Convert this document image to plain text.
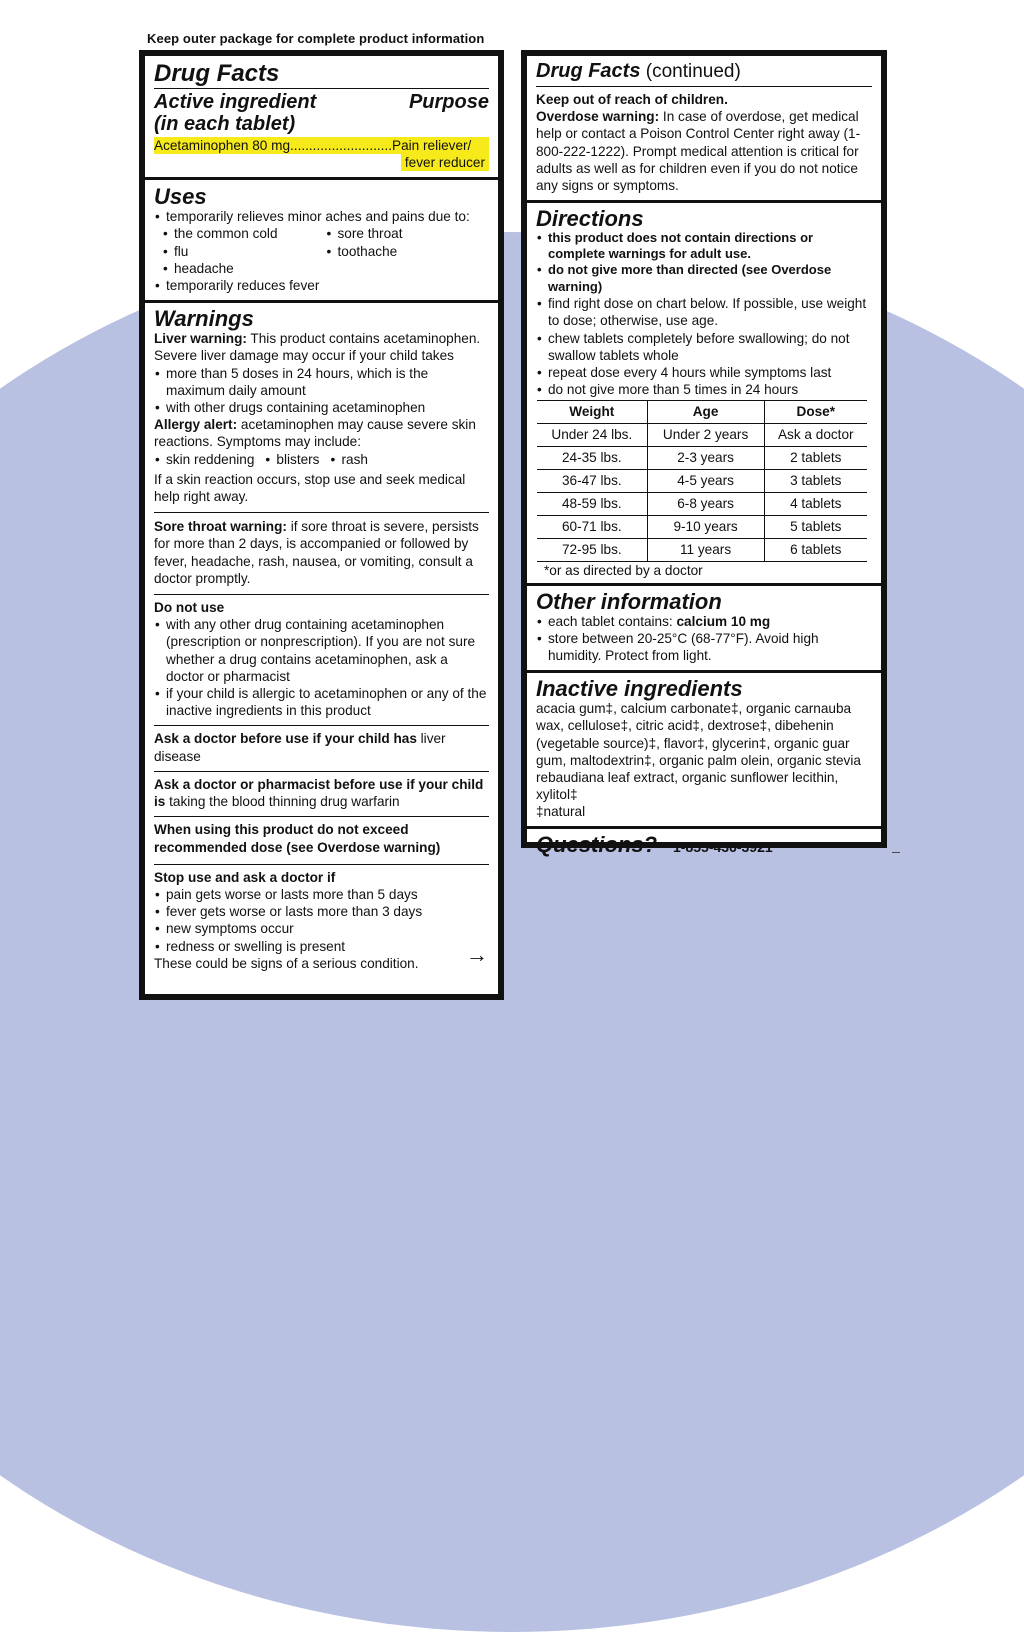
Keep outer package for complete product information
Drug Facts
Active ingredient
(in each tablet)
Purpose
Acetaminophen 80 mg...........................Pain reliever/
fever reducer
Uses
• temporarily relieves minor aches and pains due to:
• the common cold
• flu
• headache
• sore throat
• toothache
• temporarily reduces fever
Warnings
Liver warning: This product contains acetaminophen. Severe liver damage may occur if your child takes
• more than 5 doses in 24 hours, which is the maximum daily amount
• with other drugs containing acetaminophen
Allergy alert: acetaminophen may cause severe skin reactions. Symptoms may include:
• skin reddening	• blisters	• rash
If a skin reaction occurs, stop use and seek medical help right away.
Sore throat warning: if sore throat is severe, persists for more than 2 days, is accompanied or followed by fever, headache, rash, nausea, or vomiting, consult a doctor promptly.
Do not use
• with any other drug containing acetaminophen (prescription or nonprescription). If you are not sure whether a drug contains acetaminophen, ask a doctor or pharmacist
• if your child is allergic to acetaminophen or any of the inactive ingredients in this product
Ask a doctor before use if your child has liver disease
Ask a doctor or pharmacist before use if your child is taking the blood thinning drug warfarin
When using this product do not exceed recommended dose (see Overdose warning)
Stop use and ask a doctor if
• pain gets worse or lasts more than 5 days
• fever gets worse or lasts more than 3 days
• new symptoms occur
• redness or swelling is present
These could be signs of a serious condition.	→
Drug Facts (continued)
Keep out of reach of children.
Overdose warning: In case of overdose, get medical help or contact a Poison Control Center right away (1-800-222-1222). Prompt medical attention is critical for adults as well as for children even if you do not notice any signs or symptoms.
Directions
• this product does not contain directions or complete warnings for adult use.
• do not give more than directed (see Overdose warning)
• find right dose on chart below. If possible, use weight to dose; otherwise, use age.
• chew tablets completely before swallowing; do not swallow tablets whole
• repeat dose every 4 hours while symptoms last
• do not give more than 5 times in 24 hours
Weight	Age	Dose*
Under 24 lbs.	Under 2 years	Ask a doctor
24-35 lbs.	2-3 years	2 tablets
36-47 lbs.	4-5 years	3 tablets
48-59 lbs.	6-8 years	4 tablets
60-71 lbs.	9-10 years	5 tablets
72-95 lbs.	11 years	6 tablets
*or as directed by a doctor
Other information
• each tablet contains: calcium 10 mg
• store between 20-25°C (68-77°F). Avoid high humidity. Protect from light.
Inactive ingredients
acacia gum‡, calcium carbonate‡, organic carnauba wax, cellulose‡, citric acid‡, dextrose‡, dibehenin (vegetable source)‡, flavor‡, glycerin‡, organic guar gum, maltodextrin‡, organic palm olein, organic stevia rebaudiana leaf extract, organic sunflower lecithin, xylitol‡
‡natural
Questions? 1-855-436-3921
